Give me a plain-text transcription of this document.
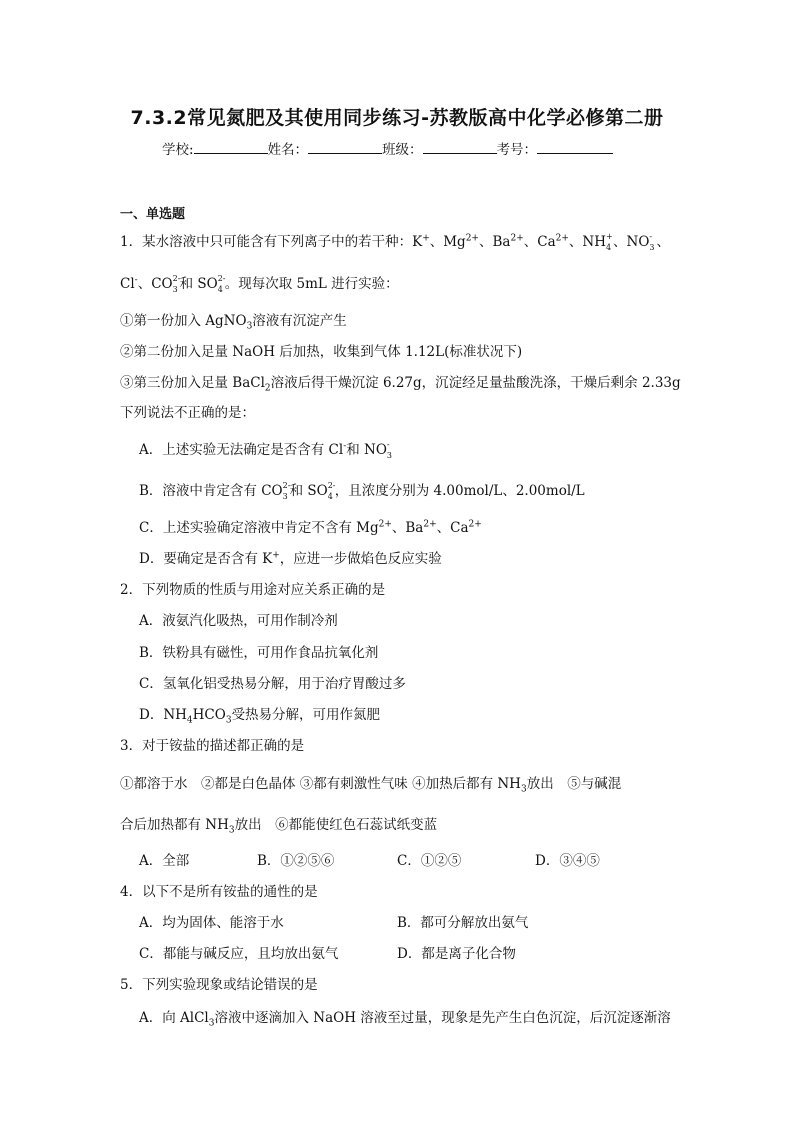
7.3.2常见氮肥及其使用同步练习-苏教版高中化学必修第二册
学校:	姓名：	班级：	考号：
一、单选题
1．某水溶液中只可能含有下列离子中的若干种：K+、$Mg^{2+}$、$Ba^{2+}$、$Ca^{2+}$、NH +
4 、NO -
3 、
Cl-、CO 2-
3 和 SO 2-
4 。现每次取 5mL 进行实验：
①第一份加入 AgNO$_3$溶液有沉淀产生
②第二份加入足量 NaOH 后加热，收集到气体 1.12L(标准状况下)
③第三份加入足量 BaCl$_2$溶液后得干燥沉淀 6.27g，沉淀经足量盐酸洗涤，干燥后剩余 2.33g
下列说法不正确的是：
A．上述实验无法确定是否含有 Cl-和 NO -
3
B．溶液中肯定含有 CO 2-
3 和 SO 2-
4 ，且浓度分别为 4.00mol/L、2.00mol/L
C．上述实验确定溶液中肯定不含有 $Mg^{2+}$、$Ba^{2+}$、$Ca^{2+}$
D．要确定是否含有 K+，应进一步做焰色反应实验
2．下列物质的性质与用途对应关系正确的是
A．液氨汽化吸热，可用作制冷剂
B．铁粉具有磁性，可用作食品抗氧化剂
C．氢氧化铝受热易分解，用于治疗胃酸过多
D．$NH_4HCO_3$受热易分解，可用作氮肥
3．对于铵盐的描述都正确的是
①都溶于水　②都是白色晶体 ③都有刺激性气味 ④加热后都有 $NH_3$放出　⑤与碱混
合后加热都有 $NH_3$放出　⑥都能使红色石蕊试纸变蓝
A．全部	B．①②⑤⑥	C．①②⑤	D．③④⑤
4．以下不是所有铵盐的通性的是
A．均为固体、能溶于水	B．都可分解放出氨气
C．都能与碱反应，且均放出氨气	D．都是离子化合物
5．下列实验现象或结论错误的是
A．向 AlCl$_3$溶液中逐滴加入 NaOH 溶液至过量，现象是先产生白色沉淀，后沉淀逐渐溶
